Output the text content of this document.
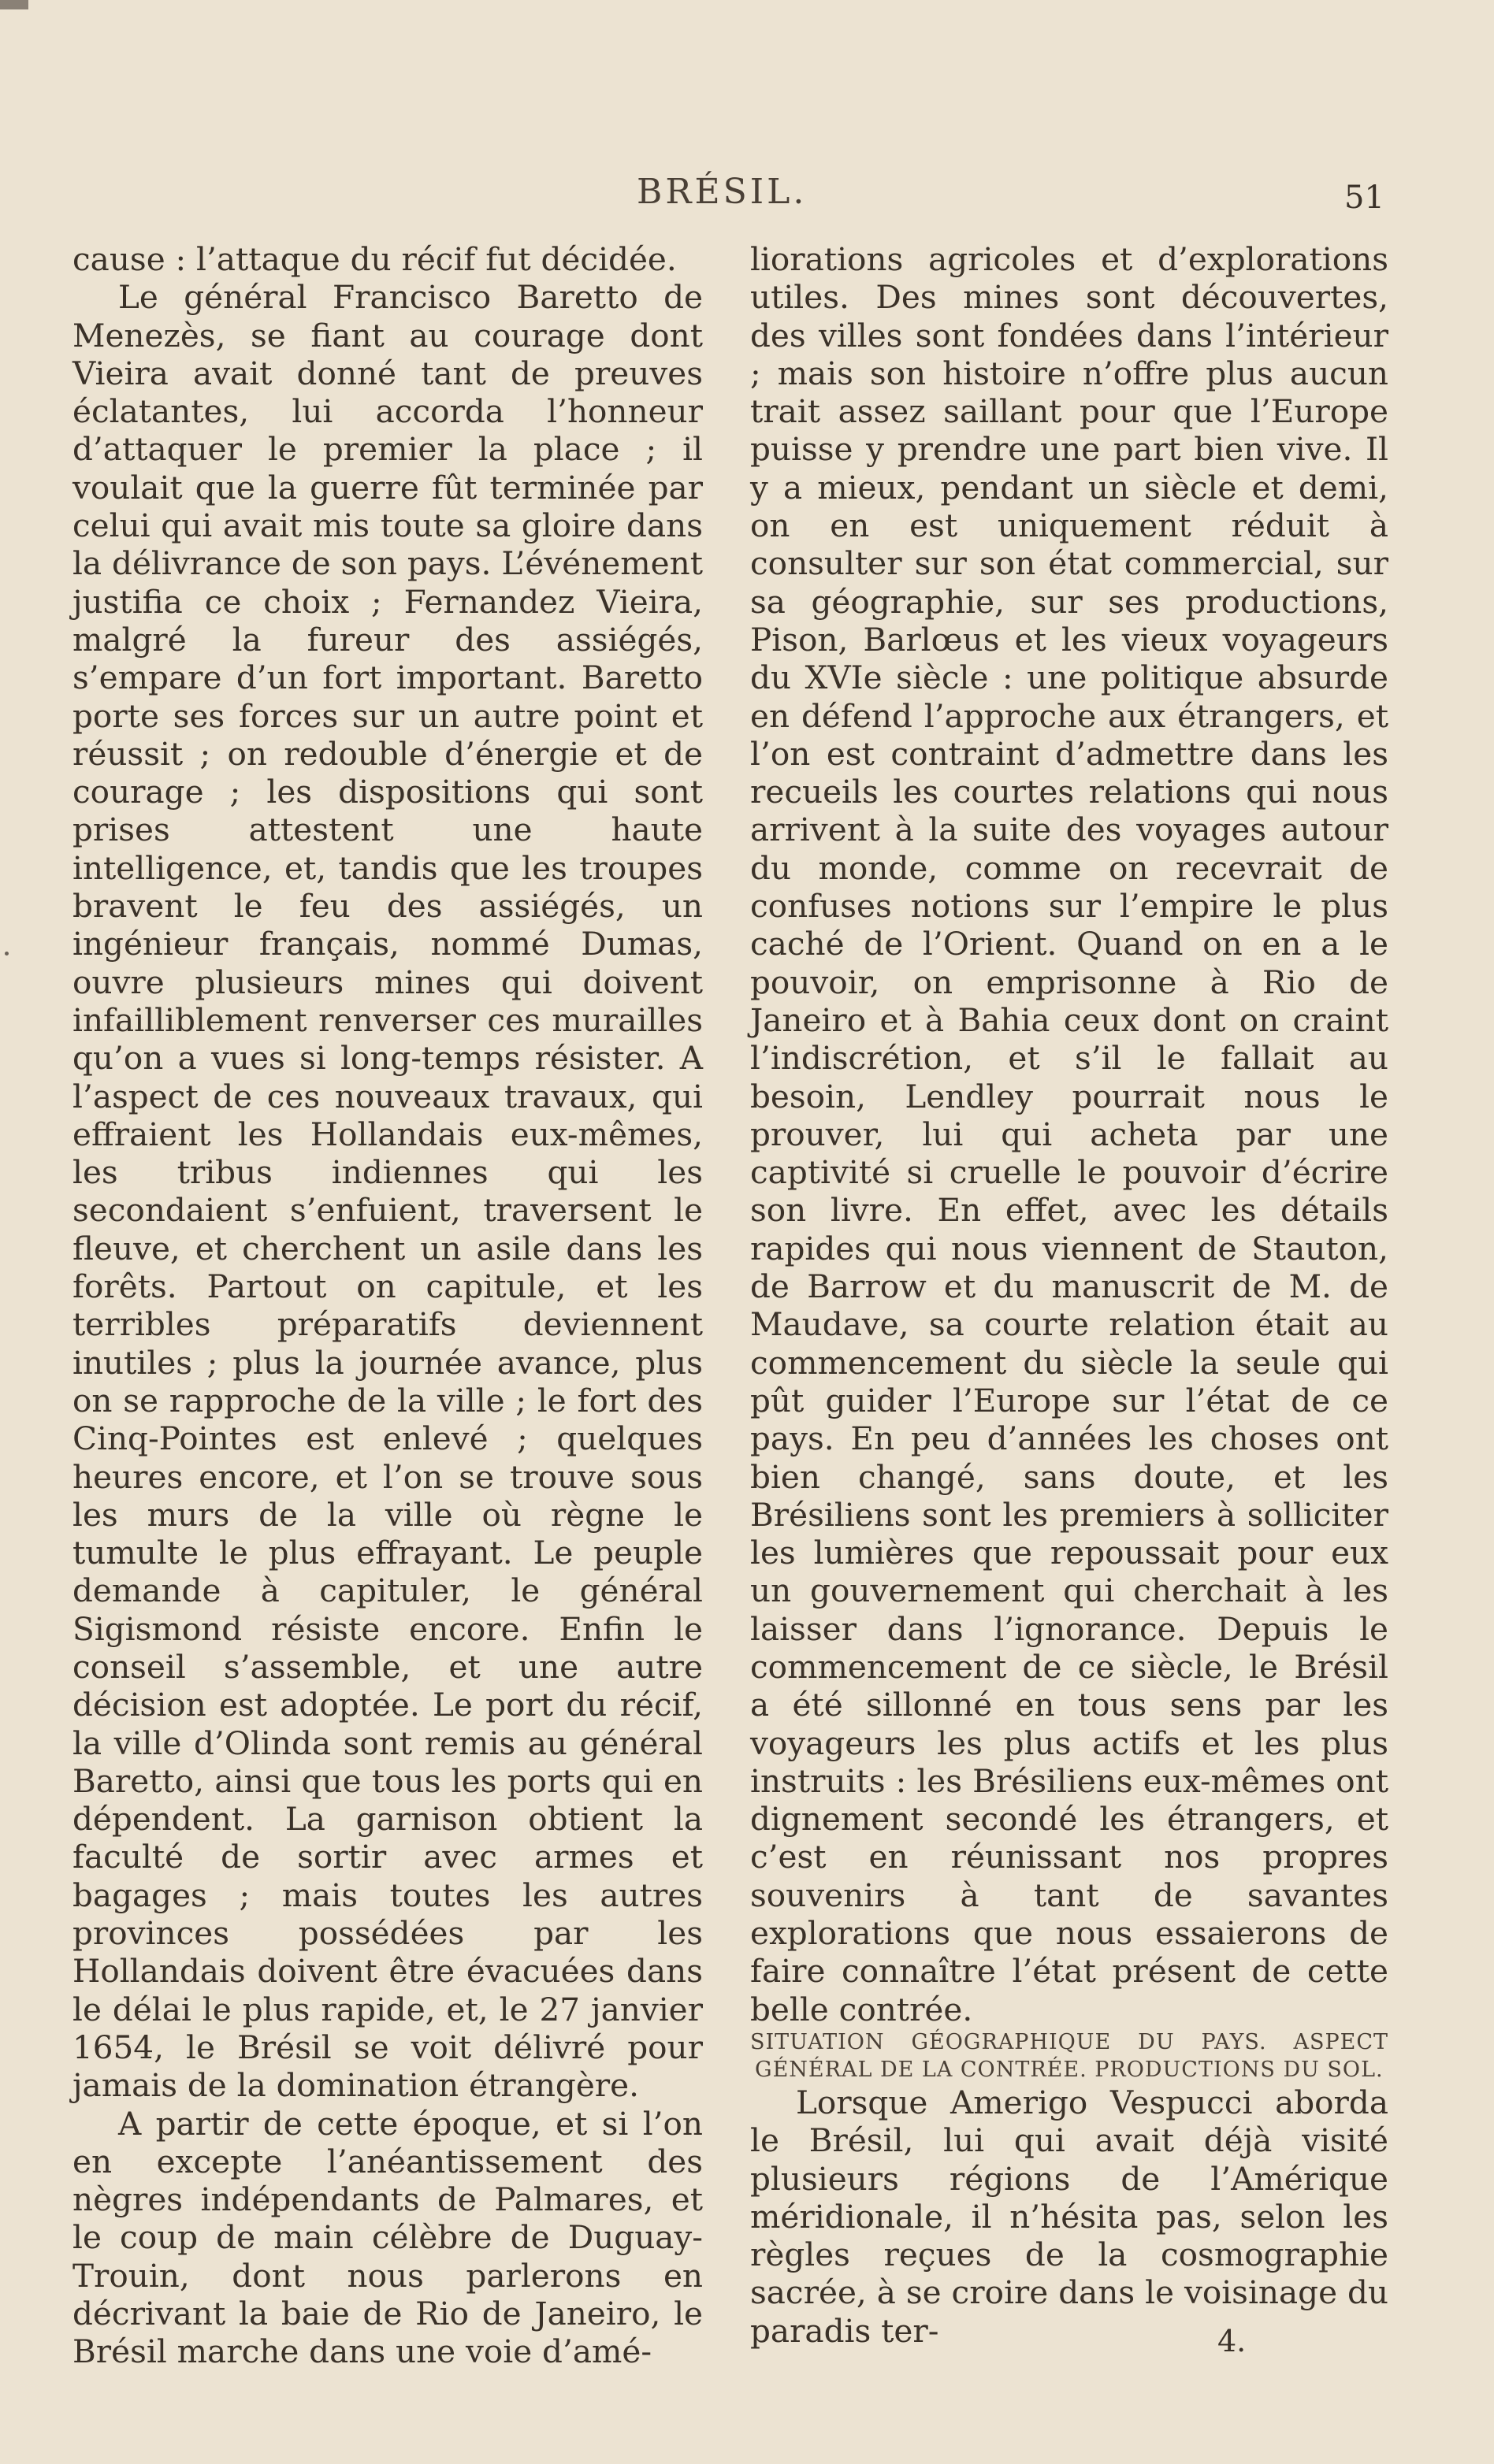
BRÉSIL.	51

cause : l’attaque du récif fut décidée.

Le général Francisco Baretto de Menezès, se fiant au courage dont Vieira avait donné tant de preuves éclatantes, lui accorda l’honneur d’attaquer le premier la place ; il voulait que la guerre fût terminée par celui qui avait mis toute sa gloire dans la délivrance de son pays. L’événement justifia ce choix ; Fernandez Vieira, malgré la fureur des assiégés, s’empare d’un fort important. Baretto porte ses forces sur un autre point et réussit ; on redouble d’énergie et de courage ; les dispositions qui sont prises attestent une haute intelligence, et, tandis que les troupes bravent le feu des assiégés, un ingénieur français, nommé Dumas, ouvre plusieurs mines qui doivent infailliblement renverser ces murailles qu’on a vues si long-temps résister. A l’aspect de ces nouveaux travaux, qui effraient les Hollandais eux-mêmes, les tribus indiennes qui les secondaient s’enfuient, traversent le fleuve, et cherchent un asile dans les forêts. Partout on capitule, et les terribles préparatifs deviennent inutiles ; plus la journée avance, plus on se rapproche de la ville ; le fort des Cinq-Pointes est enlevé ; quelques heures encore, et l’on se trouve sous les murs de la ville où règne le tumulte le plus effrayant. Le peuple demande à capituler, le général Sigismond résiste encore. Enfin le conseil s’assemble, et une autre décision est adoptée. Le port du récif, la ville d’Olinda sont remis au général Baretto, ainsi que tous les ports qui en dépendent. La garnison obtient la faculté de sortir avec armes et bagages ; mais toutes les autres provinces possédées par les Hollandais doivent être évacuées dans le délai le plus rapide, et, le 27 janvier 1654, le Brésil se voit délivré pour jamais de la domination étrangère.

A partir de cette époque, et si l’on en excepte l’anéantissement des nègres indépendants de Palmares, et le coup de main célèbre de Duguay-Trouin, dont nous parlerons en décrivant la baie de Rio de Janeiro, le Brésil marche dans une voie d’amé-

liorations agricoles et d’explorations utiles. Des mines sont découvertes, des villes sont fondées dans l’intérieur ; mais son histoire n’offre plus aucun trait assez saillant pour que l’Europe puisse y prendre une part bien vive. Il y a mieux, pendant un siècle et demi, on en est uniquement réduit à consulter sur son état commercial, sur sa géographie, sur ses productions, Pison, Barlœus et les vieux voyageurs du XVIe siècle : une politique absurde en défend l’approche aux étrangers, et l’on est contraint d’admettre dans les recueils les courtes relations qui nous arrivent à la suite des voyages autour du monde, comme on recevrait de confuses notions sur l’empire le plus caché de l’Orient. Quand on en a le pouvoir, on emprisonne à Rio de Janeiro et à Bahia ceux dont on craint l’indiscrétion, et s’il le fallait au besoin, Lendley pourrait nous le prouver, lui qui acheta par une captivité si cruelle le pouvoir d’écrire son livre. En effet, avec les détails rapides qui nous viennent de Stauton, de Barrow et du manuscrit de M. de Maudave, sa courte relation était au commencement du siècle la seule qui pût guider l’Europe sur l’état de ce pays. En peu d’années les choses ont bien changé, sans doute, et les Brésiliens sont les premiers à solliciter les lumières que repoussait pour eux un gouvernement qui cherchait à les laisser dans l’ignorance. Depuis le commencement de ce siècle, le Brésil a été sillonné en tous sens par les voyageurs les plus actifs et les plus instruits : les Brésiliens eux-mêmes ont dignement secondé les étrangers, et c’est en réunissant nos propres souvenirs à tant de savantes explorations que nous essaierons de faire connaître l’état présent de cette belle contrée.

SITUATION GÉOGRAPHIQUE DU PAYS. ASPECT GÉNÉRAL DE LA CONTRÉE. PRODUCTIONS DU SOL.

Lorsque Amerigo Vespucci aborda le Brésil, lui qui avait déjà visité plusieurs régions de l’Amérique méridionale, il n’hésita pas, selon les règles reçues de la cosmographie sacrée, à se croire dans le voisinage du paradis ter-	4.
